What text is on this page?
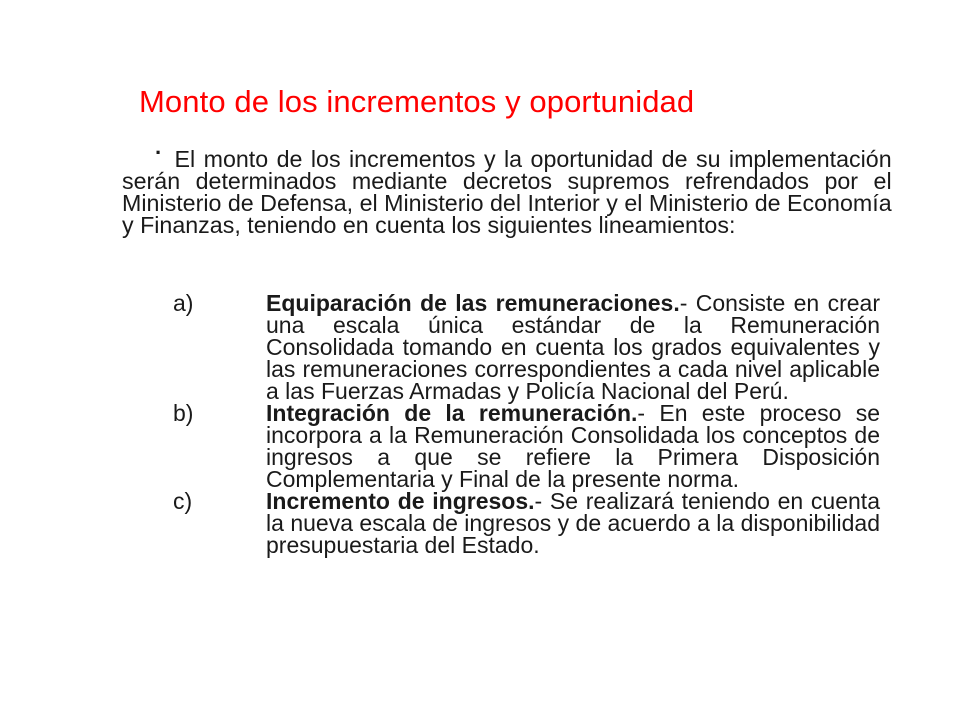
Monto de los incrementos y oportunidad
· El monto de los incrementos y la oportunidad de su implementación serán determinados mediante decretos supremos refrendados por el Ministerio de Defensa, el Ministerio del Interior y el Ministerio de Economía y Finanzas, teniendo en cuenta los siguientes lineamientos:
a)	Equiparación de las remuneraciones.- Consiste en crear una escala única estándar de la Remuneración Consolidada tomando en cuenta los grados equivalentes y las remuneraciones correspondientes a cada nivel aplicable a las Fuerzas Armadas y Policía Nacional del Perú.
b)	Integración de la remuneración.- En este proceso se incorpora a la Remuneración Consolidada los conceptos de ingresos a que se refiere la Primera Disposición Complementaria y Final de la presente norma.
c)	Incremento de ingresos.- Se realizará teniendo en cuenta la nueva escala de ingresos y de acuerdo a la disponibilidad presupuestaria del Estado.
